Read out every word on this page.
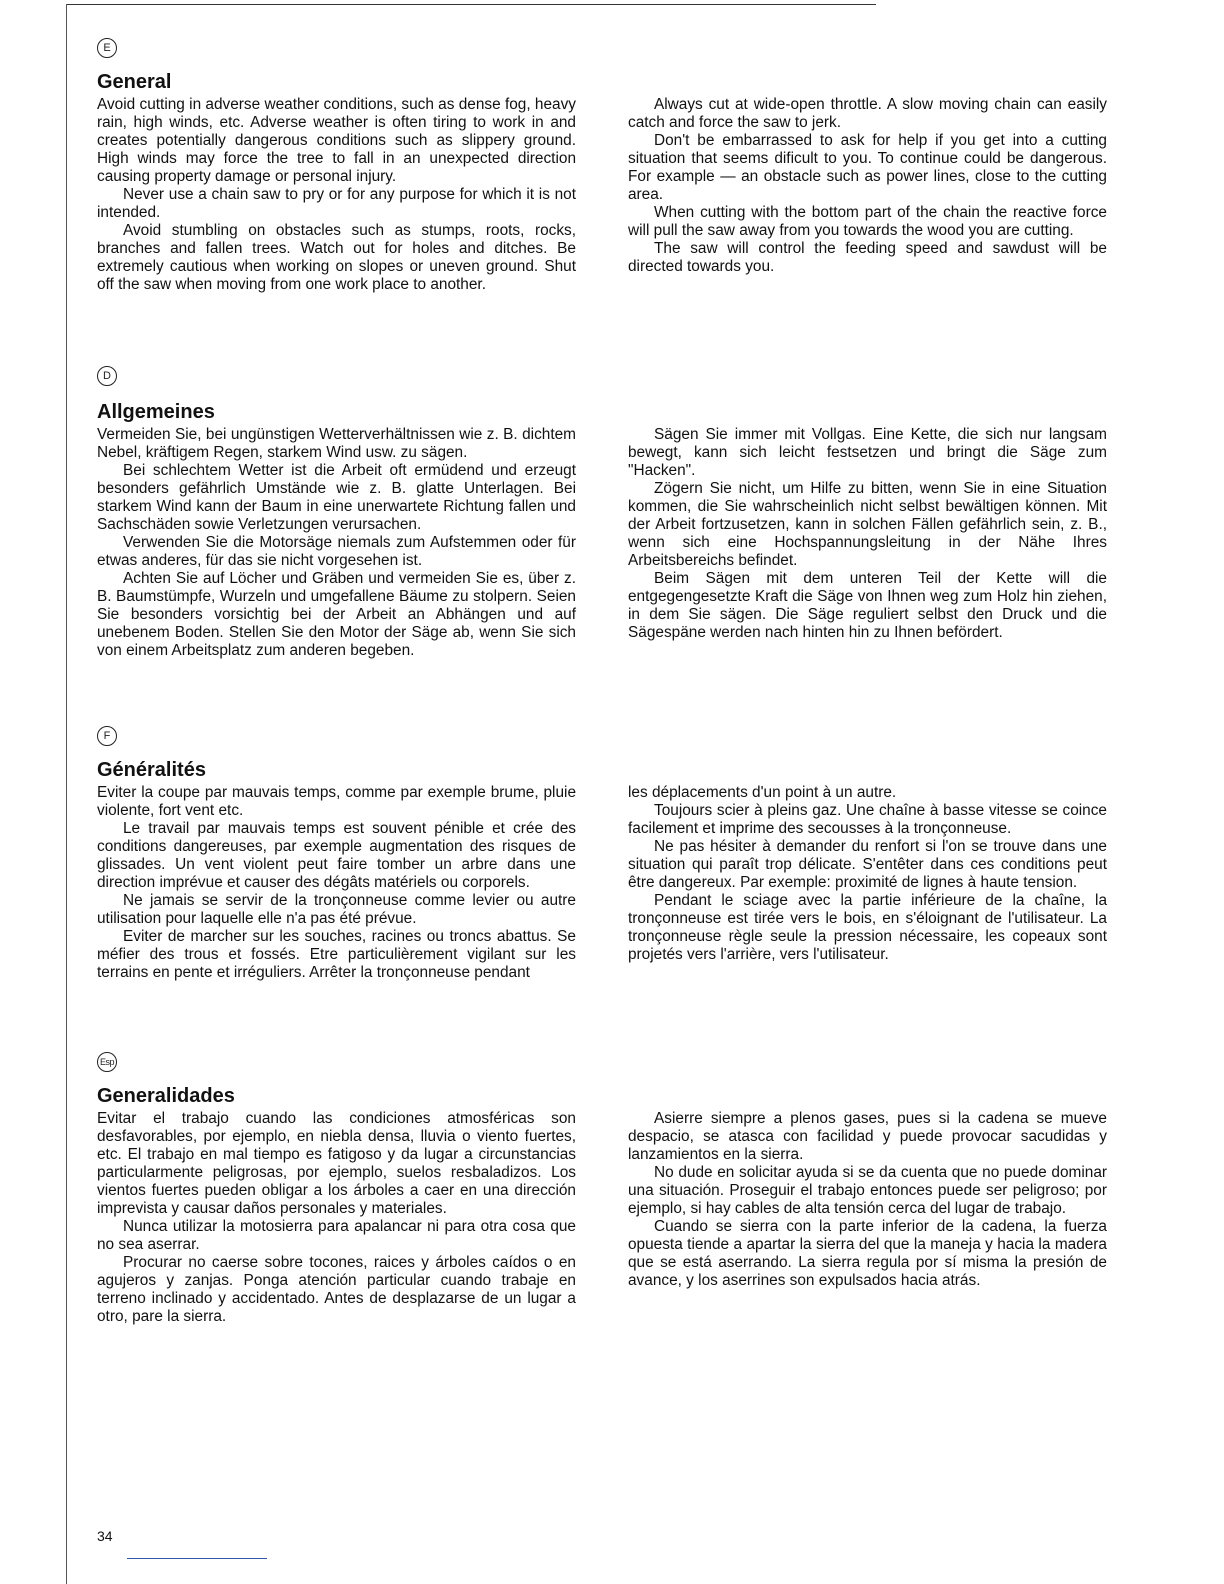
E
General

Avoid cutting in adverse weather conditions, such as dense fog, heavy rain, high winds, etc. Adverse weather is often tiring to work in and creates potentially dangerous conditions such as slippery ground. High winds may force the tree to fall in an unexpected direction causing property damage or personal injury.

Never use a chain saw to pry or for any purpose for which it is not intended.

Avoid stumbling on obstacles such as stumps, roots, rocks, branches and fallen trees. Watch out for holes and ditches. Be extremely cautious when working on slopes or uneven ground. Shut off the saw when moving from one work place to another.

Always cut at wide-open throttle. A slow moving chain can easily catch and force the saw to jerk.

Don't be embarrassed to ask for help if you get into a cutting situation that seems dificult to you. To continue could be dangerous. For example — an obstacle such as power lines, close to the cutting area.

When cutting with the bottom part of the chain the reactive force will pull the saw away from you towards the wood you are cutting.

The saw will control the feeding speed and sawdust will be directed towards you.

D
Allgemeines

Vermeiden Sie, bei ungünstigen Wetterverhältnissen wie z. B. dichtem Nebel, kräftigem Regen, starkem Wind usw. zu sägen.

Bei schlechtem Wetter ist die Arbeit oft ermüdend und erzeugt besonders gefährlich Umstände wie z. B. glatte Unterlagen. Bei starkem Wind kann der Baum in eine unerwartete Richtung fallen und Sachschäden sowie Verletzungen verursachen.

Verwenden Sie die Motorsäge niemals zum Aufstemmen oder für etwas anderes, für das sie nicht vorgesehen ist.

Achten Sie auf Löcher und Gräben und vermeiden Sie es, über z. B. Baumstümpfe, Wurzeln und umgefallene Bäume zu stolpern. Seien Sie besonders vorsichtig bei der Arbeit an Abhängen und auf unebenem Boden. Stellen Sie den Motor der Säge ab, wenn Sie sich von einem Arbeitsplatz zum anderen begeben.

Sägen Sie immer mit Vollgas. Eine Kette, die sich nur langsam bewegt, kann sich leicht festsetzen und bringt die Säge zum "Hacken".

Zögern Sie nicht, um Hilfe zu bitten, wenn Sie in eine Situation kommen, die Sie wahrscheinlich nicht selbst bewältigen können. Mit der Arbeit fortzusetzen, kann in solchen Fällen gefährlich sein, z. B., wenn sich eine Hochspannungsleitung in der Nähe Ihres Arbeitsbereichs befindet.

Beim Sägen mit dem unteren Teil der Kette will die entgegengesetzte Kraft die Säge von Ihnen weg zum Holz hin ziehen, in dem Sie sägen. Die Säge reguliert selbst den Druck und die Sägespäne werden nach hinten hin zu Ihnen befördert.

F
Généralités

Eviter la coupe par mauvais temps, comme par exemple brume, pluie violente, fort vent etc.

Le travail par mauvais temps est souvent pénible et crée des conditions dangereuses, par exemple augmentation des risques de glissades. Un vent violent peut faire tomber un arbre dans une direction imprévue et causer des dégâts matériels ou corporels.

Ne jamais se servir de la tronçonneuse comme levier ou autre utilisation pour laquelle elle n'a pas été prévue.

Eviter de marcher sur les souches, racines ou troncs abattus. Se méfier des trous et fossés. Etre particulièrement vigilant sur les terrains en pente et irréguliers. Arrêter la tronçonneuse pendant

les déplacements d'un point à un autre.

Toujours scier à pleins gaz. Une chaîne à basse vitesse se coince facilement et imprime des secousses à la tronçonneuse.

Ne pas hésiter à demander du renfort si l'on se trouve dans une situation qui paraît trop délicate. S'entêter dans ces conditions peut être dangereux. Par exemple: proximité de lignes à haute tension.

Pendant le sciage avec la partie inférieure de la chaîne, la tronçonneuse est tirée vers le bois, en s'éloignant de l'utilisateur. La tronçonneuse règle seule la pression nécessaire, les copeaux sont projetés vers l'arrière, vers l'utilisateur.

Esp
Generalidades

Evitar el trabajo cuando las condiciones atmosféricas son desfavorables, por ejemplo, en niebla densa, lluvia o viento fuertes, etc. El trabajo en mal tiempo es fatigoso y da lugar a circunstancias particularmente peligrosas, por ejemplo, suelos resbaladizos. Los vientos fuertes pueden obligar a los árboles a caer en una dirección imprevista y causar daños personales y materiales.

Nunca utilizar la motosierra para apalancar ni para otra cosa que no sea aserrar.

Procurar no caerse sobre tocones, raices y árboles caídos o en agujeros y zanjas. Ponga atención particular cuando trabaje en terreno inclinado y accidentado. Antes de desplazarse de un lugar a otro, pare la sierra.

Asierre siempre a plenos gases, pues si la cadena se mueve despacio, se atasca con facilidad y puede provocar sacudidas y lanzamientos en la sierra.

No dude en solicitar ayuda si se da cuenta que no puede dominar una situación. Proseguir el trabajo entonces puede ser peligroso; por ejemplo, si hay cables de alta tensión cerca del lugar de trabajo.

Cuando se sierra con la parte inferior de la cadena, la fuerza opuesta tiende a apartar la sierra del que la maneja y hacia la madera que se está aserrando. La sierra regula por sí misma la presión de avance, y los aserrines son expulsados hacia atrás.

34
